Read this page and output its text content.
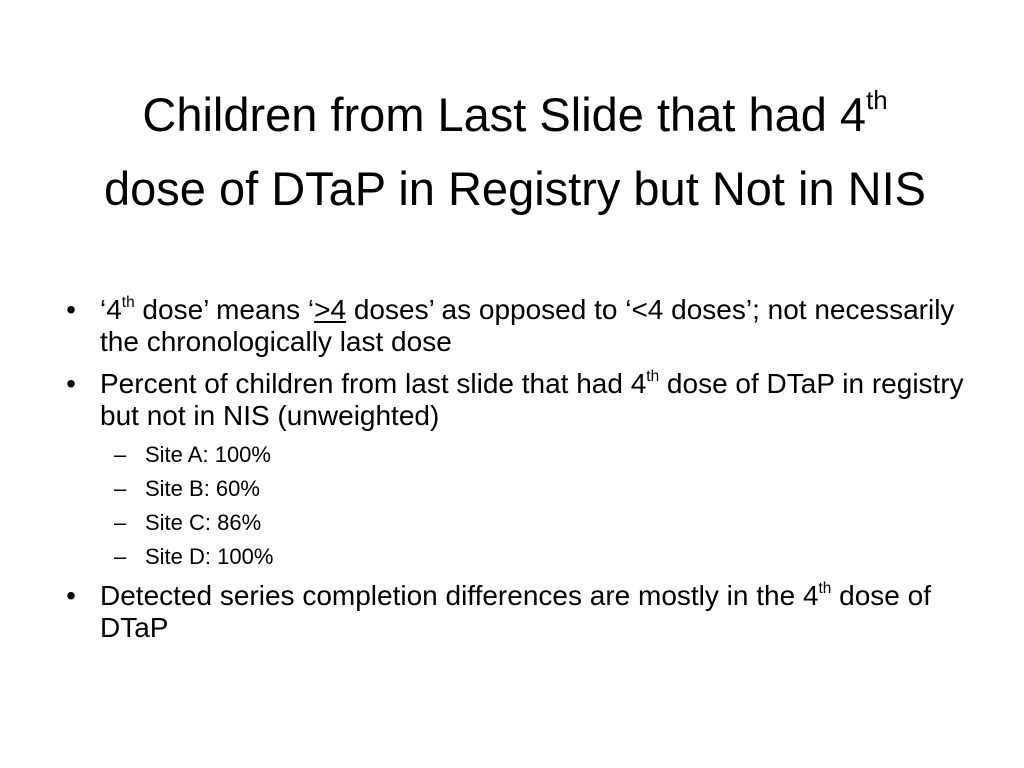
Children from Last Slide that had 4th
dose of DTaP in Registry but Not in NIS
• ‘4th dose’ means ‘>4 doses’ as opposed to ‘<4 doses’; not necessarily the chronologically last dose
• Percent of children from last slide that had 4th dose of DTaP in registry but not in NIS (unweighted)
– Site A: 100%
– Site B: 60%
– Site C: 86%
– Site D: 100%
• Detected series completion differences are mostly in the 4th dose of DTaP
